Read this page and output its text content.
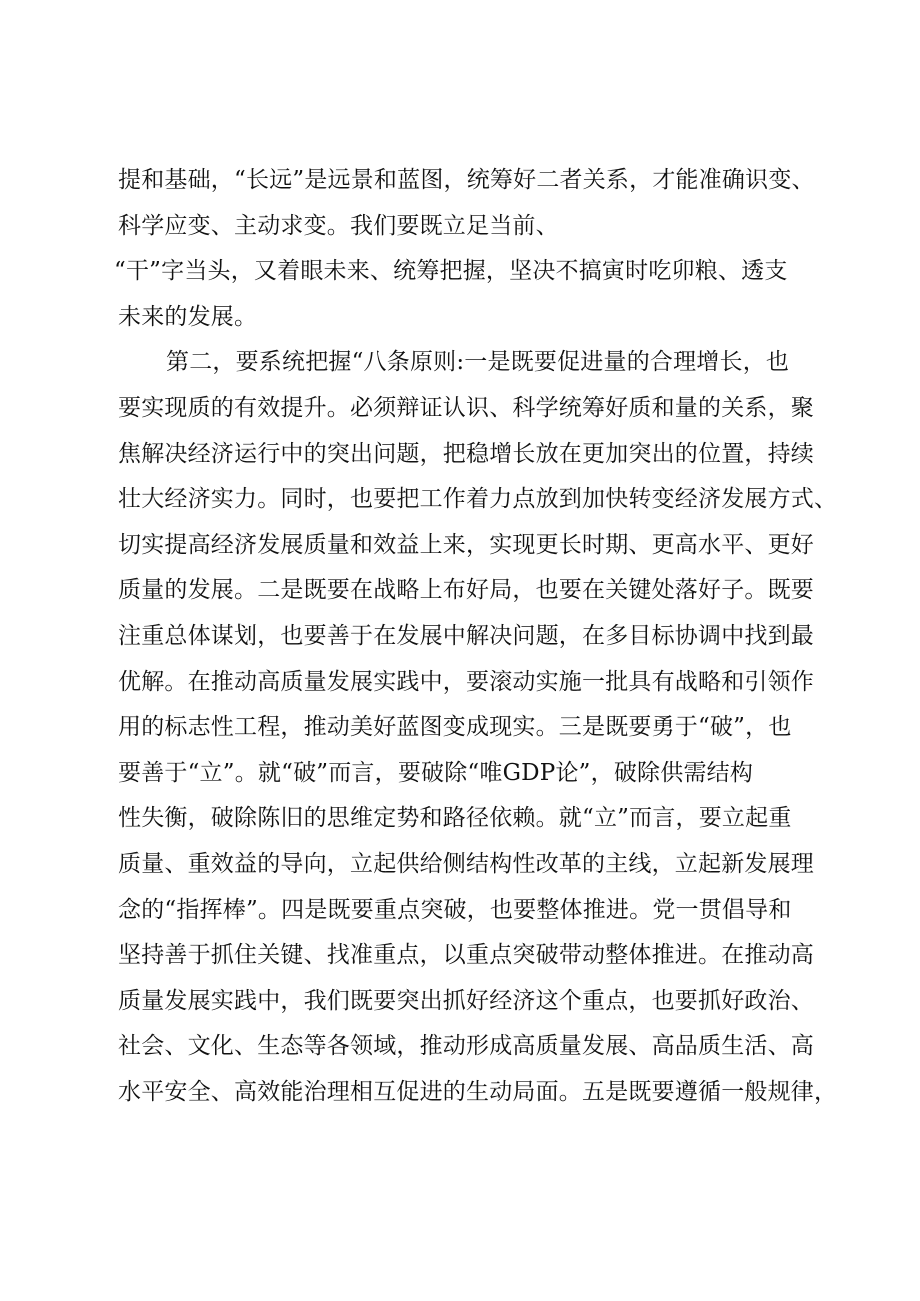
提和基础，“长远”是远景和蓝图，统筹好二者关系，才能准确识变、
科学应变、主动求变。我们要既立足当前、
“干”字当头，又着眼未来、统筹把握，坚决不搞寅时吃卯粮、透支
未来的发展。
第二，要系统把握“八条原则:一是既要促进量的合理增长，也
要实现质的有效提升。必须辩证认识、科学统筹好质和量的关系，聚
焦解决经济运行中的突出问题，把稳增长放在更加突出的位置，持续
壮大经济实力。同时，也要把工作着力点放到加快转变经济发展方式、
切实提高经济发展质量和效益上来，实现更长时期、更高水平、更好
质量的发展。二是既要在战略上布好局，也要在关键处落好子。既要
注重总体谋划，也要善于在发展中解决问题，在多目标协调中找到最
优解。在推动高质量发展实践中，要滚动实施一批具有战略和引领作
用的标志性工程，推动美好蓝图变成现实。三是既要勇于“破”，也
要善于“立”。就“破”而言，要破除“唯GDP论”，破除供需结构
性失衡，破除陈旧的思维定势和路径依赖。就“立”而言，要立起重
质量、重效益的导向，立起供给侧结构性改革的主线，立起新发展理
念的“指挥棒”。四是既要重点突破，也要整体推进。党一贯倡导和
坚持善于抓住关键、找准重点，以重点突破带动整体推进。在推动高
质量发展实践中，我们既要突出抓好经济这个重点，也要抓好政治、
社会、文化、生态等各领域，推动形成高质量发展、高品质生活、高
水平安全、高效能治理相互促进的生动局面。五是既要遵循一般规律，
